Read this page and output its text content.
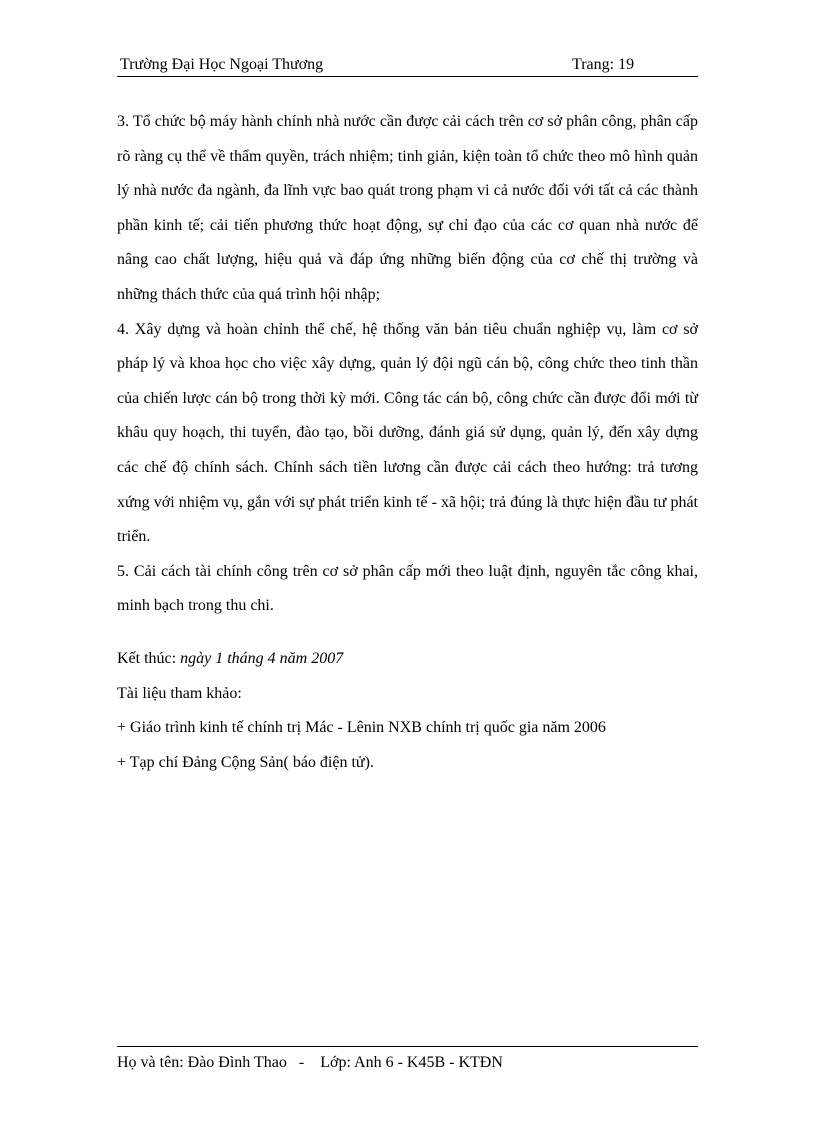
Trường Đại Học Ngoại Thương	Trang: 19

3. Tổ chức bộ máy hành chính nhà nước cần được cải cách trên cơ sở phân công, phân cấp rõ ràng cụ thể về thẩm quyền, trách nhiệm; tinh giản, kiện toàn tổ chức theo mô hình quản lý nhà nước đa ngành, đa lĩnh vực bao quát trong phạm vi cả nước đối với tất cả các thành phần kinh tế; cải tiến phương thức hoạt động, sự chỉ đạo của các cơ quan nhà nước để nâng cao chất lượng, hiệu quả và đáp ứng những biến động của cơ chế thị trường và những thách thức của quá trình hội nhập;

4. Xây dựng và hoàn chỉnh thể chế, hệ thống văn bản tiêu chuẩn nghiệp vụ, làm cơ sở pháp lý và khoa học cho việc xây dựng, quản lý đội ngũ cán bộ, công chức theo tinh thần của chiến lược cán bộ trong thời kỳ mới. Công tác cán bộ, công chức cần được đổi mới từ khâu quy hoạch, thi tuyển, đào tạo, bồi dưỡng, đánh giá sử dụng, quản lý, đến xây dựng các chế độ chính sách. Chính sách tiền lương cần được cải cách theo hướng: trả tương xứng với nhiệm vụ, gắn với sự phát triển kinh tế - xã hội; trả đúng là thực hiện đầu tư phát triển.

5. Cải cách tài chính công trên cơ sở phân cấp mới theo luật định, nguyên tắc công khai, minh bạch trong thu chi.

Kết thúc: ngày 1 tháng 4 năm 2007

Tài liệu tham khảo:

+ Giáo trình kinh tế chính trị Mác - Lênin NXB chính trị quốc gia năm 2006

+ Tạp chí Đảng Cộng Sản( báo điện tử).

Họ và tên: Đào Đình Thao   -    Lớp: Anh 6 - K45B - KTĐN
